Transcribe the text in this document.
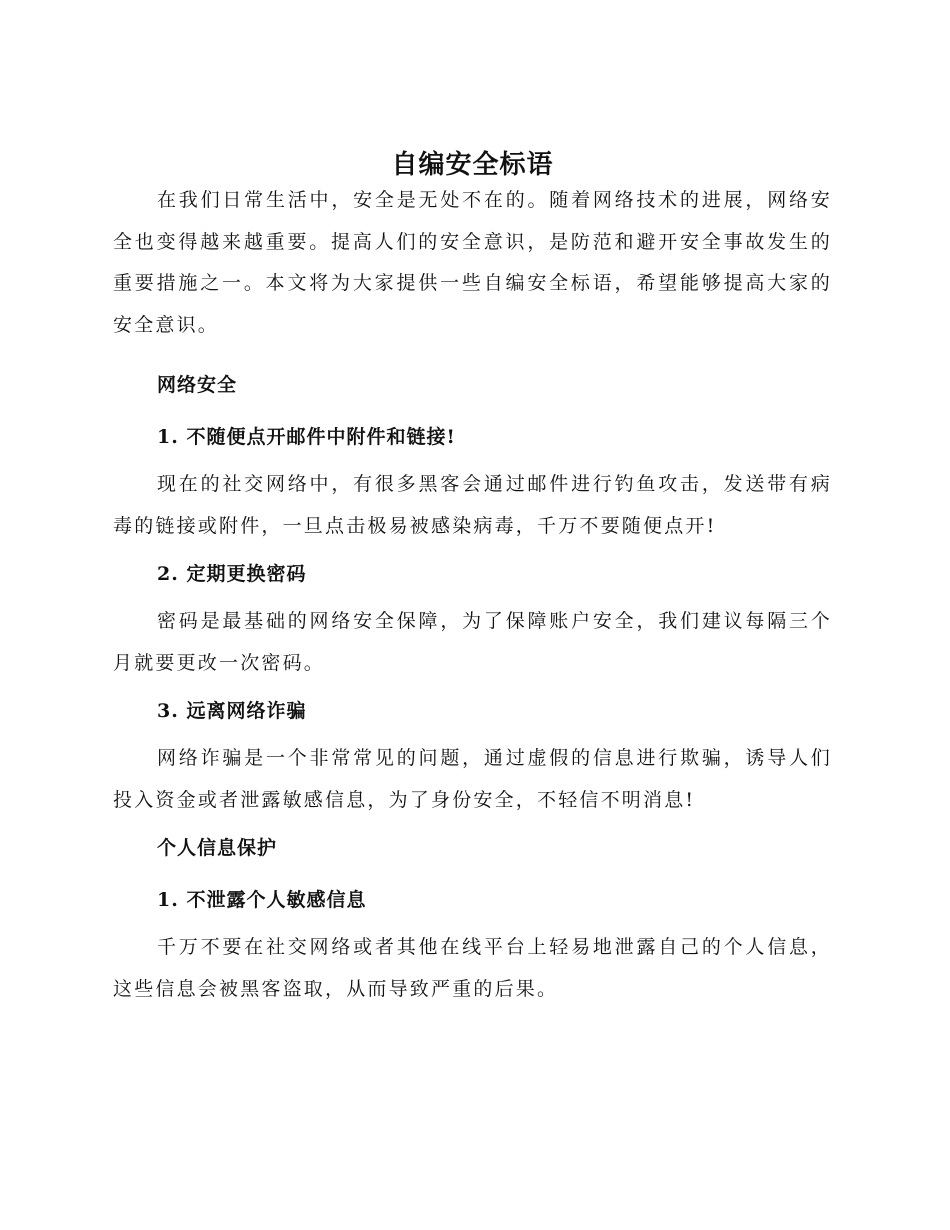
自编安全标语

在我们日常生活中，安全是无处不在的。随着网络技术的进展，网络安全也变得越来越重要。提高人们的安全意识，是防范和避开安全事故发生的重要措施之一。本文将为大家提供一些自编安全标语，希望能够提高大家的安全意识。

网络安全
1. 不随便点开邮件中附件和链接!

现在的社交网络中，有很多黑客会通过邮件进行钓鱼攻击，发送带有病毒的链接或附件，一旦点击极易被感染病毒，千万不要随便点开!

2. 定期更换密码

密码是最基础的网络安全保障，为了保障账户安全，我们建议每隔三个月就要更改一次密码。

3. 远离网络诈骗

网络诈骗是一个非常常见的问题，通过虚假的信息进行欺骗，诱导人们投入资金或者泄露敏感信息，为了身份安全，不轻信不明消息!

个人信息保护
1. 不泄露个人敏感信息

千万不要在社交网络或者其他在线平台上轻易地泄露自己的个人信息，这些信息会被黑客盗取，从而导致严重的后果。
